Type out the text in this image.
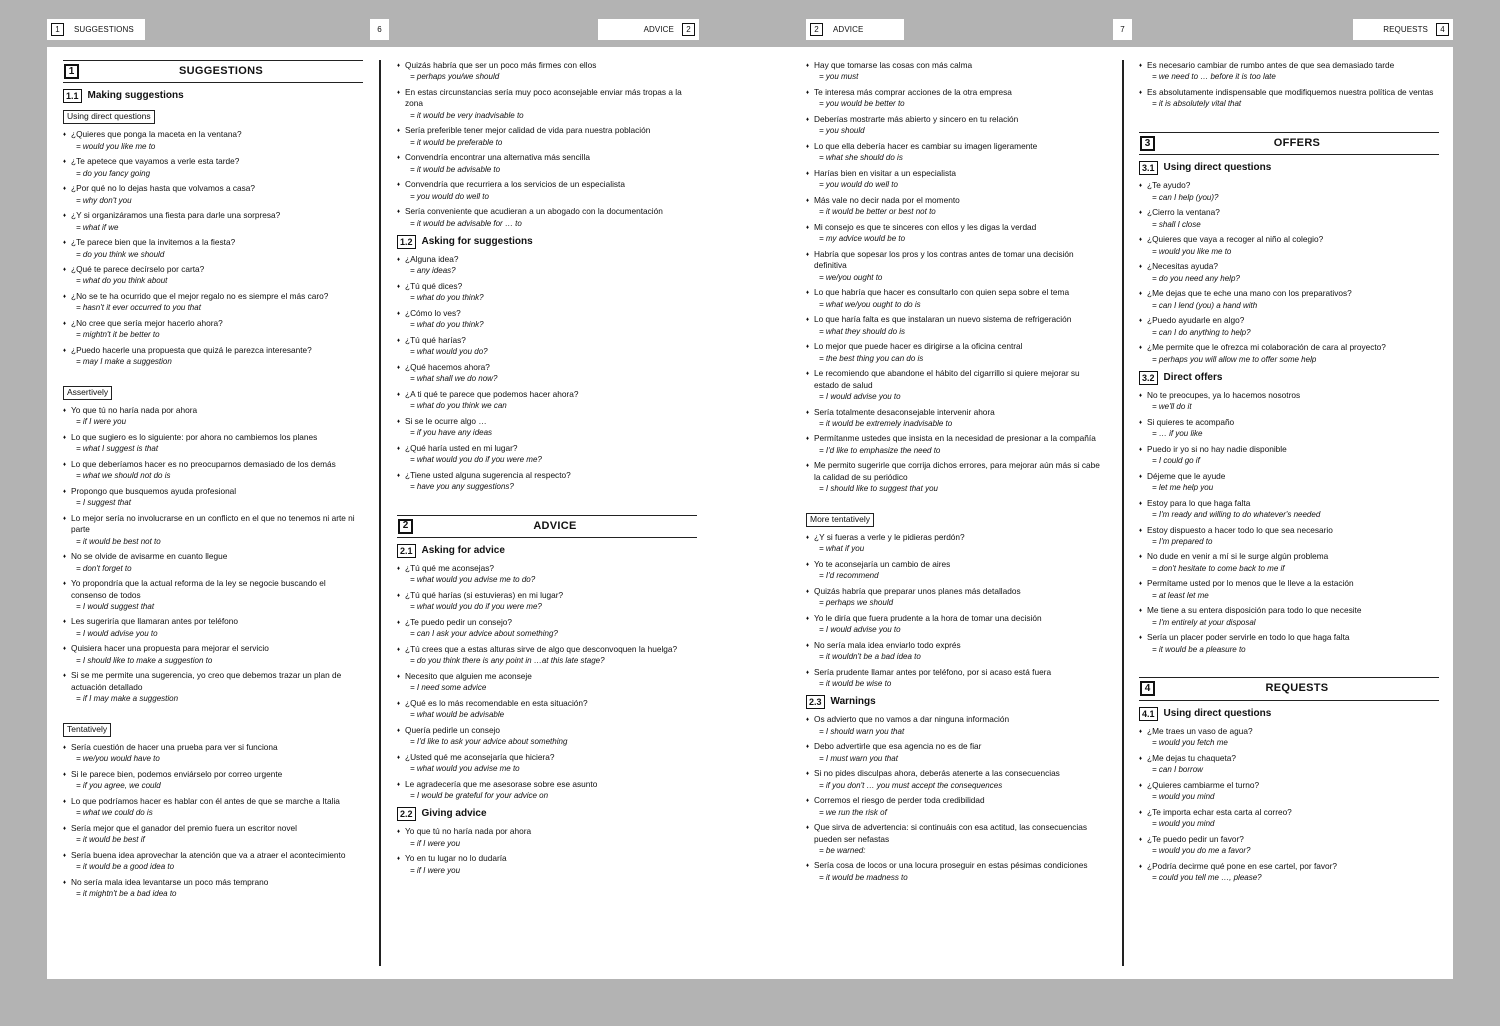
1	SUGGESTIONS	6	ADVICE	2	2	ADVICE	7	REQUESTS	4
1	SUGGESTIONS
1.1 Making suggestions
Using direct questions
♦ ¿Quieres que ponga la maceta en la ventana?
= would you like me to
♦ ¿Te apetece que vayamos a verle esta tarde?
= do you fancy going
♦ ¿Por qué no lo dejas hasta que volvamos a casa?
= why don't you
♦ ¿Y si organizáramos una fiesta para darle una sorpresa?
= what if we
♦ ¿Te parece bien que la invitemos a la fiesta?
= do you think we should
♦ ¿Qué te parece decírselo por carta?
= what do you think about
♦ ¿No se te ha ocurrido que el mejor regalo no es siempre el más caro?
= hasn't it ever occurred to you that
♦ ¿No cree que sería mejor hacerlo ahora?
= mightn't it be better to
♦ ¿Puedo hacerle una propuesta que quizá le parezca interesante?
= may I make a suggestion
Assertively
♦ Yo que tú no haría nada por ahora
= if I were you
♦ Lo que sugiero es lo siguiente: por ahora no cambiemos los planes
= what I suggest is that
♦ Lo que deberíamos hacer es no preocuparnos demasiado de los demás
= what we should not do is
♦ Propongo que busquemos ayuda profesional
= I suggest that
♦ Lo mejor sería no involucrarse en un conflicto en el que no tenemos ni arte ni parte
= it would be best not to
♦ No se olvide de avisarme en cuanto llegue
= don't forget to
♦ Yo propondría que la actual reforma de la ley se negocie buscando el consenso de todos
= I would suggest that
♦ Les sugeriría que llamaran antes por teléfono
= I would advise you to
♦ Quisiera hacer una propuesta para mejorar el servicio
= I should like to make a suggestion to
♦ Si se me permite una sugerencia, yo creo que debemos trazar un plan de actuación detallado
= if I may make a suggestion
Tentatively
♦ Sería cuestión de hacer una prueba para ver si funciona
= we/you would have to
♦ Si le parece bien, podemos enviárselo por correo urgente
= if you agree, we could
♦ Lo que podríamos hacer es hablar con él antes de que se marche a Italia
= what we could do is
♦ Sería mejor que el ganador del premio fuera un escritor novel
= it would be best if
♦ Sería buena idea aprovechar la atención que va a atraer el acontecimiento
= it would be a good idea to
♦ No sería mala idea levantarse un poco más temprano
= it mightn't be a bad idea to
♦ Quizás habría que ser un poco más firmes con ellos
= perhaps you/we should
♦ En estas circunstancias sería muy poco aconsejable enviar más tropas a la zona
= it would be very inadvisable to
♦ Sería preferible tener mejor calidad de vida para nuestra población
= it would be preferable to
♦ Convendría encontrar una alternativa más sencilla
= it would be advisable to
♦ Convendría que recurriera a los servicios de un especialista
= you would do well to
♦ Sería conveniente que acudieran a un abogado con la documentación
= it would be advisable for … to
1.2 Asking for suggestions
♦ ¿Alguna idea?
= any ideas?
♦ ¿Tú qué dices?
= what do you think?
♦ ¿Cómo lo ves?
= what do you think?
♦ ¿Tú qué harías?
= what would you do?
♦ ¿Qué hacemos ahora?
= what shall we do now?
♦ ¿A ti qué te parece que podemos hacer ahora?
= what do you think we can
♦ Si se le ocurre algo …
= if you have any ideas
♦ ¿Qué haría usted en mi lugar?
= what would you do if you were me?
♦ ¿Tiene usted alguna sugerencia al respecto?
= have you any suggestions?
2	ADVICE
2.1 Asking for advice
♦ ¿Tú qué me aconsejas?
= what would you advise me to do?
♦ ¿Tú qué harías (si estuvieras) en mi lugar?
= what would you do if you were me?
♦ ¿Te puedo pedir un consejo?
= can I ask your advice about something?
♦ ¿Tú crees que a estas alturas sirve de algo que desconvoquen la huelga?
= do you think there is any point in …at this late stage?
♦ Necesito que alguien me aconseje
= I need some advice
♦ ¿Qué es lo más recomendable en esta situación?
= what would be advisable
♦ Quería pedirle un consejo
= I'd like to ask your advice about something
♦ ¿Usted qué me aconsejaría que hiciera?
= what would you advise me to
♦ Le agradecería que me asesorase sobre ese asunto
= I would be grateful for your advice on
2.2 Giving advice
♦ Yo que tú no haría nada por ahora
= if I were you
♦ Yo en tu lugar no lo dudaría
= if I were you
♦ Hay que tomarse las cosas con más calma
= you must
♦ Te interesa más comprar acciones de la otra empresa
= you would be better to
♦ Deberías mostrarte más abierto y sincero en tu relación
= you should
♦ Lo que ella debería hacer es cambiar su imagen ligeramente
= what she should do is
♦ Harías bien en visitar a un especialista
= you would do well to
♦ Más vale no decir nada por el momento
= it would be better or best not to
♦ Mi consejo es que te sinceres con ellos y les digas la verdad
= my advice would be to
♦ Habría que sopesar los pros y los contras antes de tomar una decisión definitiva
= we/you ought to
♦ Lo que habría que hacer es consultarlo con quien sepa sobre el tema
= what we/you ought to do is
♦ Lo que haría falta es que instalaran un nuevo sistema de refrigeración
= what they should do is
♦ Lo mejor que puede hacer es dirigirse a la oficina central
= the best thing you can do is
♦ Le recomiendo que abandone el hábito del cigarrillo si quiere mejorar su estado de salud
= I would advise you to
♦ Sería totalmente desaconsejable intervenir ahora
= it would be extremely inadvisable to
♦ Permítanme ustedes que insista en la necesidad de presionar a la compañía
= I'd like to emphasize the need to
♦ Me permito sugerirle que corrija dichos errores, para mejorar aún más si cabe la calidad de su periódico
= I should like to suggest that you
More tentatively
♦ ¿Y si fueras a verle y le pidieras perdón?
= what if you
♦ Yo te aconsejaría un cambio de aires
= I'd recommend
♦ Quizás habría que preparar unos planes más detallados
= perhaps we should
♦ Yo le diría que fuera prudente a la hora de tomar una decisión
= I would advise you to
♦ No sería mala idea enviarlo todo exprés
= it wouldn't be a bad idea to
♦ Sería prudente llamar antes por teléfono, por si acaso está fuera
= it would be wise to
2.3 Warnings
♦ Os advierto que no vamos a dar ninguna información
= I should warn you that
♦ Debo advertirle que esa agencia no es de fiar
= I must warn you that
♦ Si no pides disculpas ahora, deberás atenerte a las consecuencias
= if you don't … you must accept the consequences
♦ Corremos el riesgo de perder toda credibilidad
= we run the risk of
♦ Que sirva de advertencia: si continuáis con esa actitud, las consecuencias pueden ser nefastas
= be warned:
♦ Sería cosa de locos or una locura proseguir en estas pésimas condiciones
= it would be madness to
♦ Es necesario cambiar de rumbo antes de que sea demasiado tarde
= we need to … before it is too late
♦ Es absolutamente indispensable que modifiquemos nuestra política de ventas
= it is absolutely vital that
3	OFFERS
3.1 Using direct questions
♦ ¿Te ayudo?
= can I help (you)?
♦ ¿Cierro la ventana?
= shall I close
♦ ¿Quieres que vaya a recoger al niño al colegio?
= would you like me to
♦ ¿Necesitas ayuda?
= do you need any help?
♦ ¿Me dejas que te eche una mano con los preparativos?
= can I lend (you) a hand with
♦ ¿Puedo ayudarle en algo?
= can I do anything to help?
♦ ¿Me permite que le ofrezca mi colaboración de cara al proyecto?
= perhaps you will allow me to offer some help
3.2 Direct offers
♦ No te preocupes, ya lo hacemos nosotros
= we'll do it
♦ Si quieres te acompaño
= … if you like
♦ Puedo ir yo si no hay nadie disponible
= I could go if
♦ Déjeme que le ayude
= let me help you
♦ Estoy para lo que haga falta
= I'm ready and willing to do whatever's needed
♦ Estoy dispuesto a hacer todo lo que sea necesario
= I'm prepared to
♦ No dude en venir a mí si le surge algún problema
= don't hesitate to come back to me if
♦ Permítame usted por lo menos que le lleve a la estación
= at least let me
♦ Me tiene a su entera disposición para todo lo que necesite
= I'm entirely at your disposal
♦ Sería un placer poder servirle en todo lo que haga falta
= it would be a pleasure to
4	REQUESTS
4.1 Using direct questions
♦ ¿Me traes un vaso de agua?
= would you fetch me
♦ ¿Me dejas tu chaqueta?
= can I borrow
♦ ¿Quieres cambiarme el turno?
= would you mind
♦ ¿Te importa echar esta carta al correo?
= would you mind
♦ ¿Te puedo pedir un favor?
= would you do me a favor?
♦ ¿Podría decirme qué pone en ese cartel, por favor?
= could you tell me …, please?
